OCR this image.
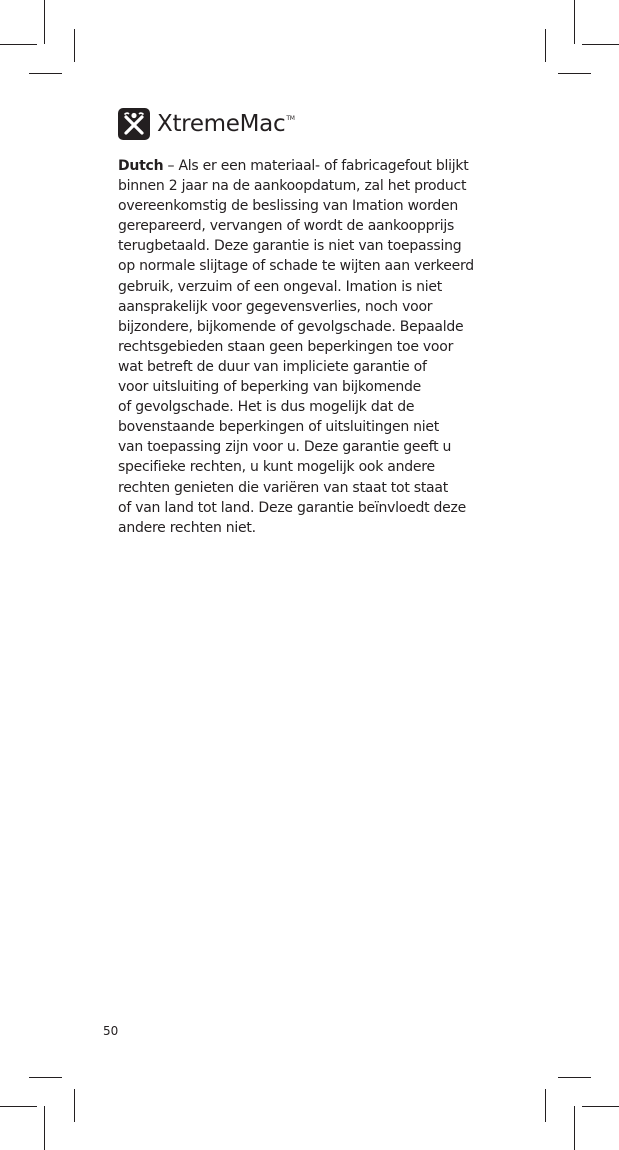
XtremeMac™
Dutch – Als er een materiaal- of fabricagefout blijkt
binnen 2 jaar na de aankoopdatum, zal het product
overeenkomstig de beslissing van Imation worden
gerepareerd, vervangen of wordt de aankoopprijs
terugbetaald. Deze garantie is niet van toepassing
op normale slijtage of schade te wijten aan verkeerd
gebruik, verzuim of een ongeval. Imation is niet
aansprakelijk voor gegevensverlies, noch voor
bijzondere, bijkomende of gevolgschade. Bepaalde
rechtsgebieden staan geen beperkingen toe voor
wat betreft de duur van impliciete garantie of
voor uitsluiting of beperking van bijkomende
of gevolgschade. Het is dus mogelijk dat de
bovenstaande beperkingen of uitsluitingen niet
van toepassing zijn voor u. Deze garantie geeft u
specifieke rechten, u kunt mogelijk ook andere
rechten genieten die variëren van staat tot staat
of van land tot land. Deze garantie beïnvloedt deze
andere rechten niet.
50
